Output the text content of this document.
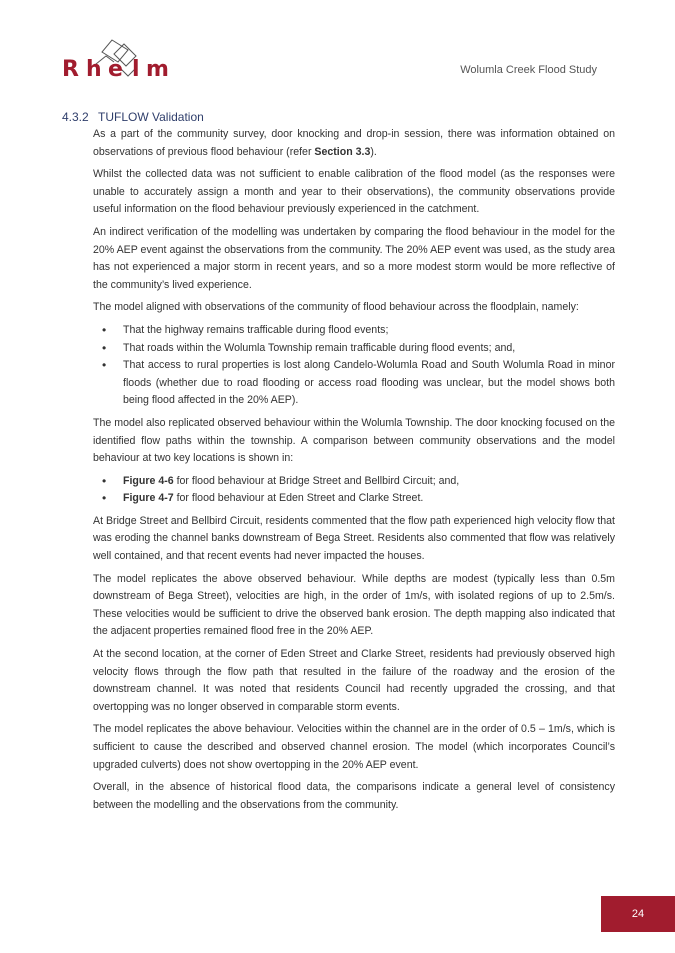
R h e l m	Wolumla Creek Flood Study
4.3.2 TUFLOW Validation

As a part of the community survey, door knocking and drop-in session, there was information obtained on observations of previous flood behaviour (refer Section 3.3).

Whilst the collected data was not sufficient to enable calibration of the flood model (as the responses were unable to accurately assign a month and year to their observations), the community observations provide useful information on the flood behaviour previously experienced in the catchment.

An indirect verification of the modelling was undertaken by comparing the flood behaviour in the model for the 20% AEP event against the observations from the community. The 20% AEP event was used, as the study area has not experienced a major storm in recent years, and so a more modest storm would be more reflective of the community’s lived experience.

The model aligned with observations of the community of flood behaviour across the floodplain, namely:

• That the highway remains trafficable during flood events;
• That roads within the Wolumla Township remain trafficable during flood events; and,
• That access to rural properties is lost along Candelo-Wolumla Road and South Wolumla Road in minor floods (whether due to road flooding or access road flooding was unclear, but the model shows both being flood affected in the 20% AEP).

The model also replicated observed behaviour within the Wolumla Township. The door knocking focused on the identified flow paths within the township. A comparison between community observations and the model behaviour at two key locations is shown in:

• Figure 4-6 for flood behaviour at Bridge Street and Bellbird Circuit; and,
• Figure 4-7 for flood behaviour at Eden Street and Clarke Street.

At Bridge Street and Bellbird Circuit, residents commented that the flow path experienced high velocity flow that was eroding the channel banks downstream of Bega Street. Residents also commented that flow was relatively well contained, and that recent events had never impacted the houses.

The model replicates the above observed behaviour. While depths are modest (typically less than 0.5m downstream of Bega Street), velocities are high, in the order of 1m/s, with isolated regions of up to 2.5m/s. These velocities would be sufficient to drive the observed bank erosion. The depth mapping also indicated that the adjacent properties remained flood free in the 20% AEP.

At the second location, at the corner of Eden Street and Clarke Street, residents had previously observed high velocity flows through the flow path that resulted in the failure of the roadway and the erosion of the downstream channel. It was noted that residents Council had recently upgraded the crossing, and that overtopping was no longer observed in comparable storm events.

The model replicates the above behaviour. Velocities within the channel are in the order of 0.5 – 1m/s, which is sufficient to cause the described and observed channel erosion. The model (which incorporates Council’s upgraded culverts) does not show overtopping in the 20% AEP event.

Overall, in the absence of historical flood data, the comparisons indicate a general level of consistency between the modelling and the observations from the community.

24
